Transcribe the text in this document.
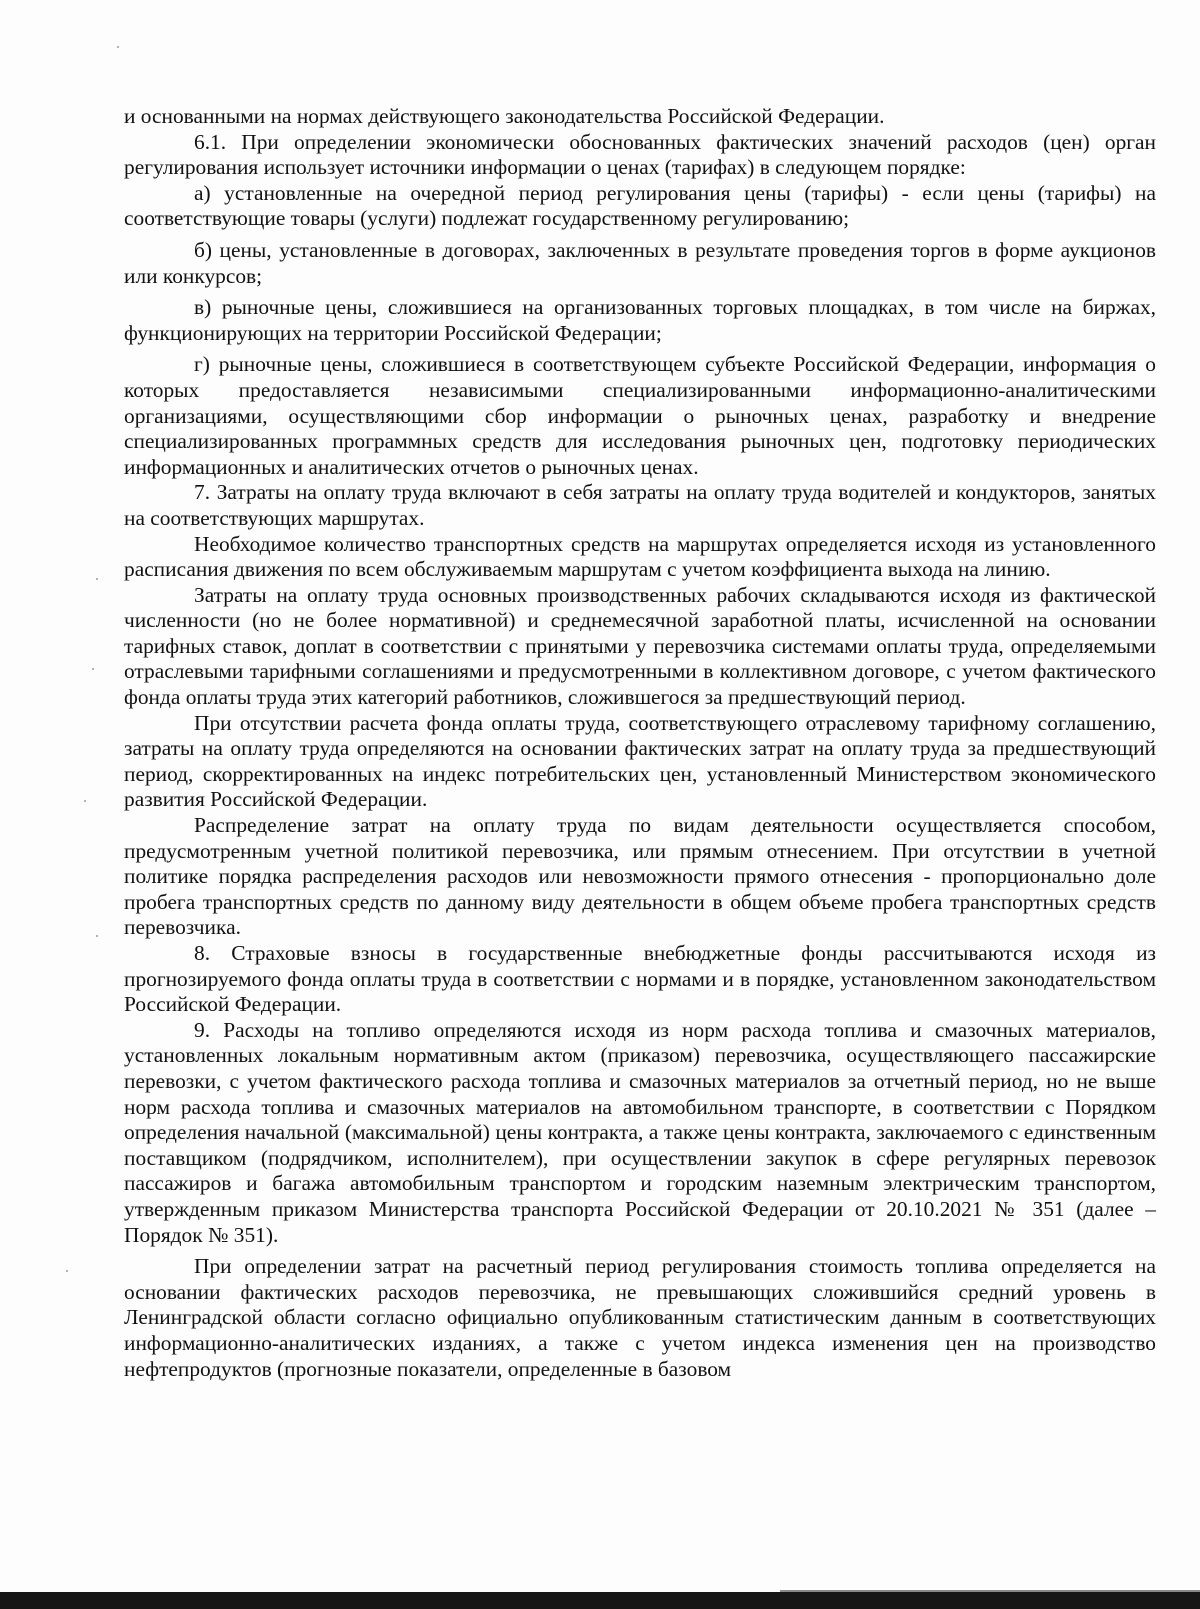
и основанными на нормах действующего законодательства Российской Федерации.

6.1. При определении экономически обоснованных фактических значений расходов (цен) орган регулирования использует источники информации о ценах (тарифах) в следующем порядке:

а) установленные на очередной период регулирования цены (тарифы) - если цены (тарифы) на соответствующие товары (услуги) подлежат государственному регулированию;

б) цены, установленные в договорах, заключенных в результате проведения торгов в форме аукционов или конкурсов;

в) рыночные цены, сложившиеся на организованных торговых площадках, в том числе на биржах, функционирующих на территории Российской Федерации;

г) рыночные цены, сложившиеся в соответствующем субъекте Российской Федерации, информация о которых предоставляется независимыми специализированными информационно-аналитическими организациями, осуществляющими сбор информации о рыночных ценах, разработку и внедрение специализированных программных средств для исследования рыночных цен, подготовку периодических информационных и аналитических отчетов о рыночных ценах.

7. Затраты на оплату труда включают в себя затраты на оплату труда водителей и кондукторов, занятых на соответствующих маршрутах.

Необходимое количество транспортных средств на маршрутах определяется исходя из установленного расписания движения по всем обслуживаемым маршрутам с учетом коэффициента выхода на линию.

Затраты на оплату труда основных производственных рабочих складываются исходя из фактической численности (но не более нормативной) и среднемесячной заработной платы, исчисленной на основании тарифных ставок, доплат в соответствии с принятыми у перевозчика системами оплаты труда, определяемыми отраслевыми тарифными соглашениями и предусмотренными в коллективном договоре, с учетом фактического фонда оплаты труда этих категорий работников, сложившегося за предшествующий период.

При отсутствии расчета фонда оплаты труда, соответствующего отраслевому тарифному соглашению, затраты на оплату труда определяются на основании фактических затрат на оплату труда за предшествующий период, скорректированных на индекс потребительских цен, установленный Министерством экономического развития Российской Федерации.

Распределение затрат на оплату труда по видам деятельности осуществляется способом, предусмотренным учетной политикой перевозчика, или прямым отнесением. При отсутствии в учетной политике порядка распределения расходов или невозможности прямого отнесения - пропорционально доле пробега транспортных средств по данному виду деятельности в общем объеме пробега транспортных средств перевозчика.

8. Страховые взносы в государственные внебюджетные фонды рассчитываются исходя из прогнозируемого фонда оплаты труда в соответствии с нормами и в порядке, установленном законодательством Российской Федерации.

9. Расходы на топливо определяются исходя из норм расхода топлива и смазочных материалов, установленных локальным нормативным актом (приказом) перевозчика, осуществляющего пассажирские перевозки, с учетом фактического расхода топлива и смазочных материалов за отчетный период, но не выше норм расхода топлива и смазочных материалов на автомобильном транспорте, в соответствии с Порядком определения начальной (максимальной) цены контракта, а также цены контракта, заключаемого с единственным поставщиком (подрядчиком, исполнителем), при осуществлении закупок в сфере регулярных перевозок пассажиров и багажа автомобильным транспортом и городским наземным электрическим транспортом, утвержденным приказом Министерства транспорта Российской Федерации от 20.10.2021 № 351 (далее – Порядок № 351).

При определении затрат на расчетный период регулирования стоимость топлива определяется на основании фактических расходов перевозчика, не превышающих сложившийся средний уровень в Ленинградской области согласно официально опубликованным статистическим данным в соответствующих информационно-аналитических изданиях, а также с учетом индекса изменения цен на производство нефтепродуктов (прогнозные показатели, определенные в базовом
